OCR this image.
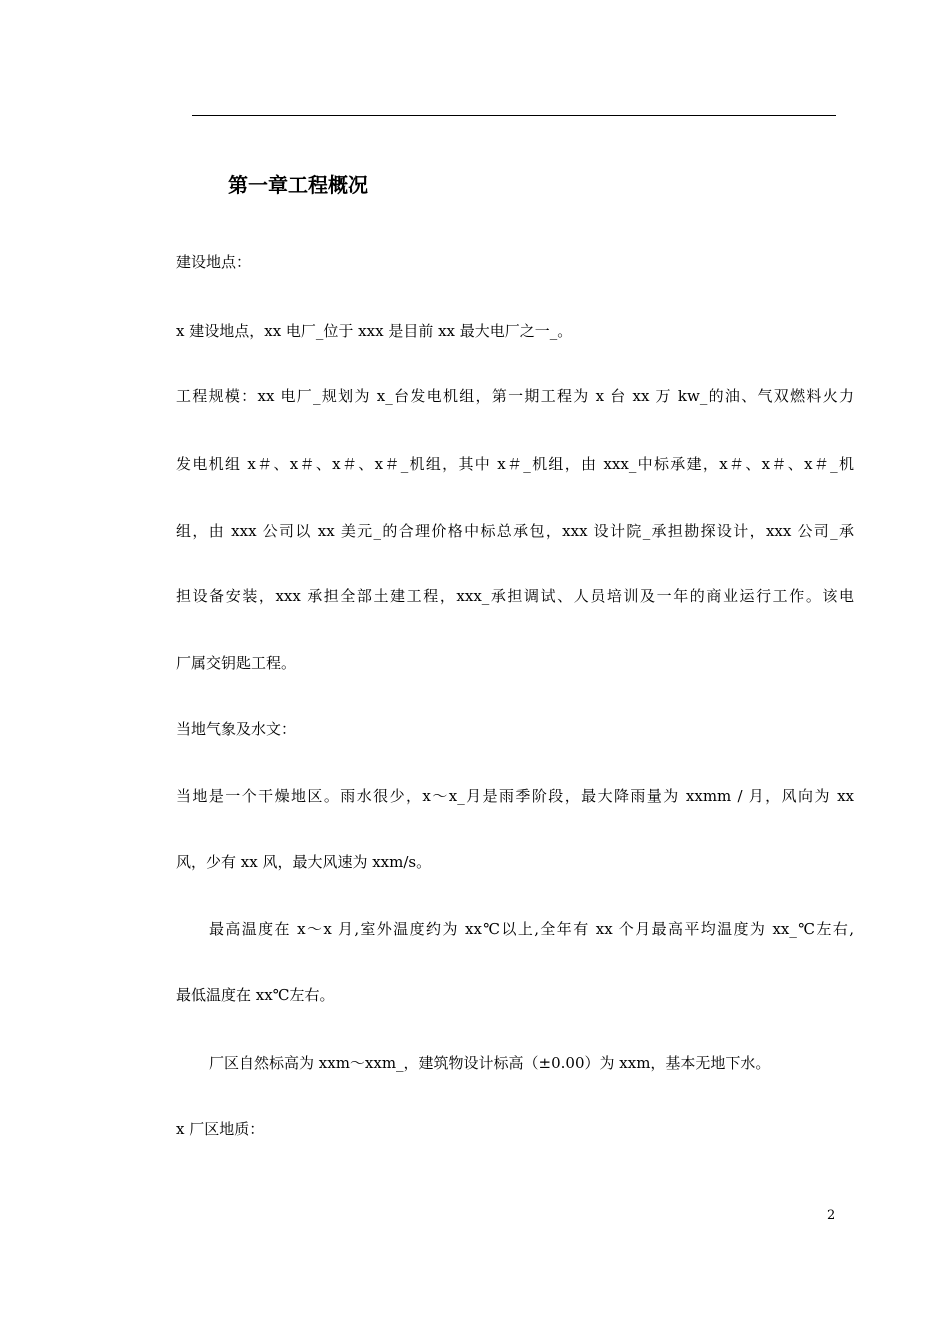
第一章工程概况

建设地点：

x 建设地点，xx 电厂_位于 xxx 是目前 xx 最大电厂之一_。

工程规模：xx 电厂_规划为 x_台发电机组，第一期工程为 x 台 xx 万 kw_的油、气双燃料火力

发电机组 x＃、x＃、x＃、x＃_机组，其中 x＃_机组，由 xxx_中标承建，x＃、x＃、x＃_机

组，由 xxx 公司以 xx 美元_的合理价格中标总承包，xxx 设计院_承担勘探设计，xxx 公司_承

担设备安装，xxx 承担全部土建工程，xxx_承担调试、人员培训及一年的商业运行工作。该电

厂属交钥匙工程。

当地气象及水文：

当地是一个干燥地区。雨水很少，x～x_月是雨季阶段，最大降雨量为 xxmm / 月，风向为 xx

风，少有 xx 风，最大风速为 xxm/s。

最高温度在 x～x 月,室外温度约为 xx℃以上,全年有 xx 个月最高平均温度为 xx_℃左右,

最低温度在 xx℃左右。

厂区自然标高为 xxm～xxm_，建筑物设计标高（±0.00）为 xxm，基本无地下水。

x 厂区地质：

2
